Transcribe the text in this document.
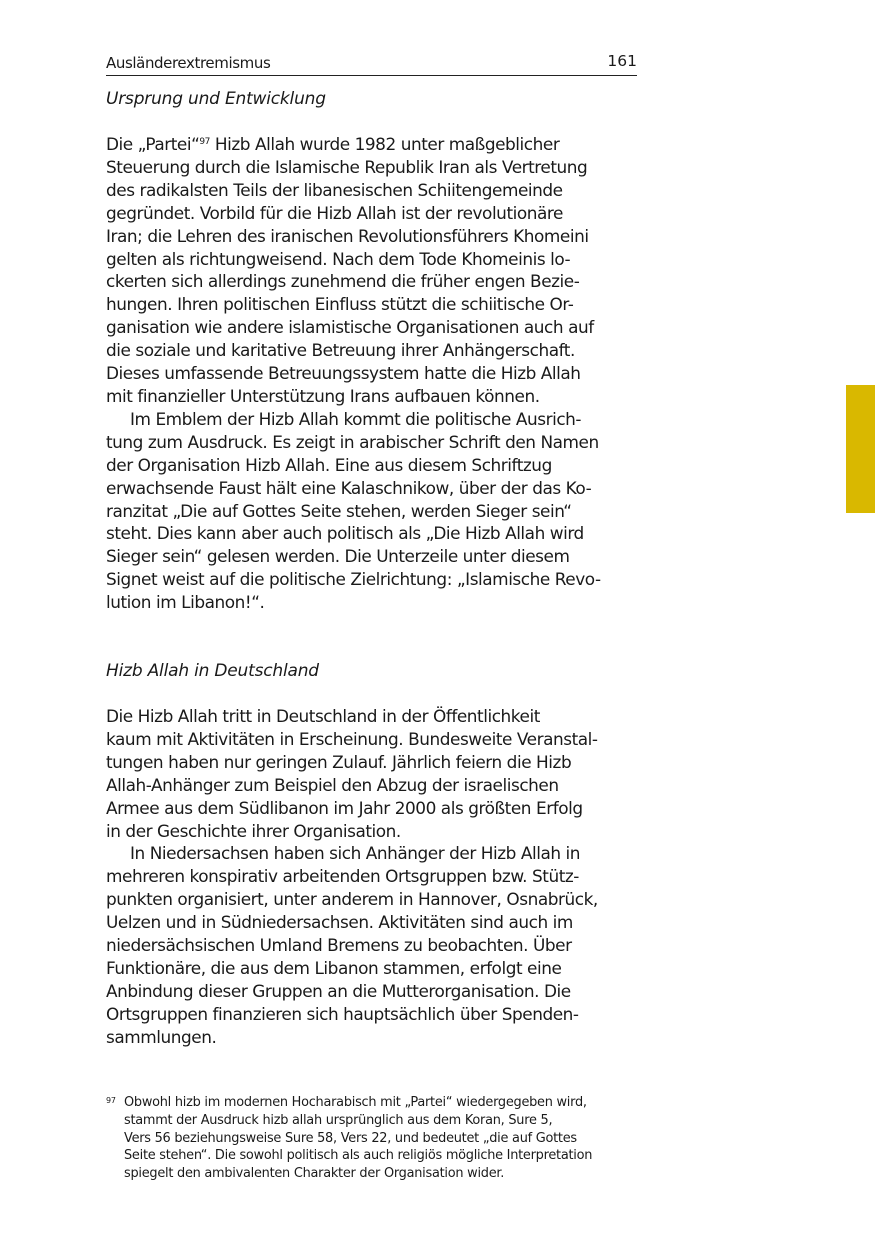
Ausländerextremismus	161
Ursprung und Entwicklung
Die „Partei“$^{97}$ Hizb Allah wurde 1982 unter maßgeblicher
Steuerung durch die Islamische Republik Iran als Vertretung
des radikalsten Teils der libanesischen Schiitengemeinde
gegründet. Vorbild für die Hizb Allah ist der revolutionäre
Iran; die Lehren des iranischen Revolutionsführers Khomeini
gelten als richtungweisend. Nach dem Tode Khomeinis lo-
ckerten sich allerdings zunehmend die früher engen Bezie-
hungen. Ihren politischen Einfluss stützt die schiitische Or-
ganisation wie andere islamistische Organisationen auch auf
die soziale und karitative Betreuung ihrer Anhängerschaft.
Dieses umfassende Betreuungssystem hatte die Hizb Allah
mit finanzieller Unterstützung Irans aufbauen können.
Im Emblem der Hizb Allah kommt die politische Ausrich-
tung zum Ausdruck. Es zeigt in arabischer Schrift den Namen
der Organisation Hizb Allah. Eine aus diesem Schriftzug
erwachsende Faust hält eine Kalaschnikow, über der das Ko-
ranzitat „Die auf Gottes Seite stehen, werden Sieger sein“
steht. Dies kann aber auch politisch als „Die Hizb Allah wird
Sieger sein“ gelesen werden. Die Unterzeile unter diesem
Signet weist auf die politische Zielrichtung: „Islamische Revo-
lution im Libanon!“.
Hizb Allah in Deutschland
Die Hizb Allah tritt in Deutschland in der Öffentlichkeit
kaum mit Aktivitäten in Erscheinung. Bundesweite Veranstal-
tungen haben nur geringen Zulauf. Jährlich feiern die Hizb
Allah-Anhänger zum Beispiel den Abzug der israelischen
Armee aus dem Südlibanon im Jahr 2000 als größten Erfolg
in der Geschichte ihrer Organisation.
In Niedersachsen haben sich Anhänger der Hizb Allah in
mehreren konspirativ arbeitenden Ortsgruppen bzw. Stütz-
punkten organisiert, unter anderem in Hannover, Osnabrück,
Uelzen und in Südniedersachsen. Aktivitäten sind auch im
niedersächsischen Umland Bremens zu beobachten. Über
Funktionäre, die aus dem Libanon stammen, erfolgt eine
Anbindung dieser Gruppen an die Mutterorganisation. Die
Ortsgruppen finanzieren sich hauptsächlich über Spenden-
sammlungen.
97 Obwohl hizb im modernen Hocharabisch mit „Partei“ wiedergegeben wird,
stammt der Ausdruck hizb allah ursprünglich aus dem Koran, Sure 5,
Vers 56 beziehungsweise Sure 58, Vers 22, und bedeutet „die auf Gottes
Seite stehen“. Die sowohl politisch als auch religiös mögliche Interpretation
spiegelt den ambivalenten Charakter der Organisation wider.
